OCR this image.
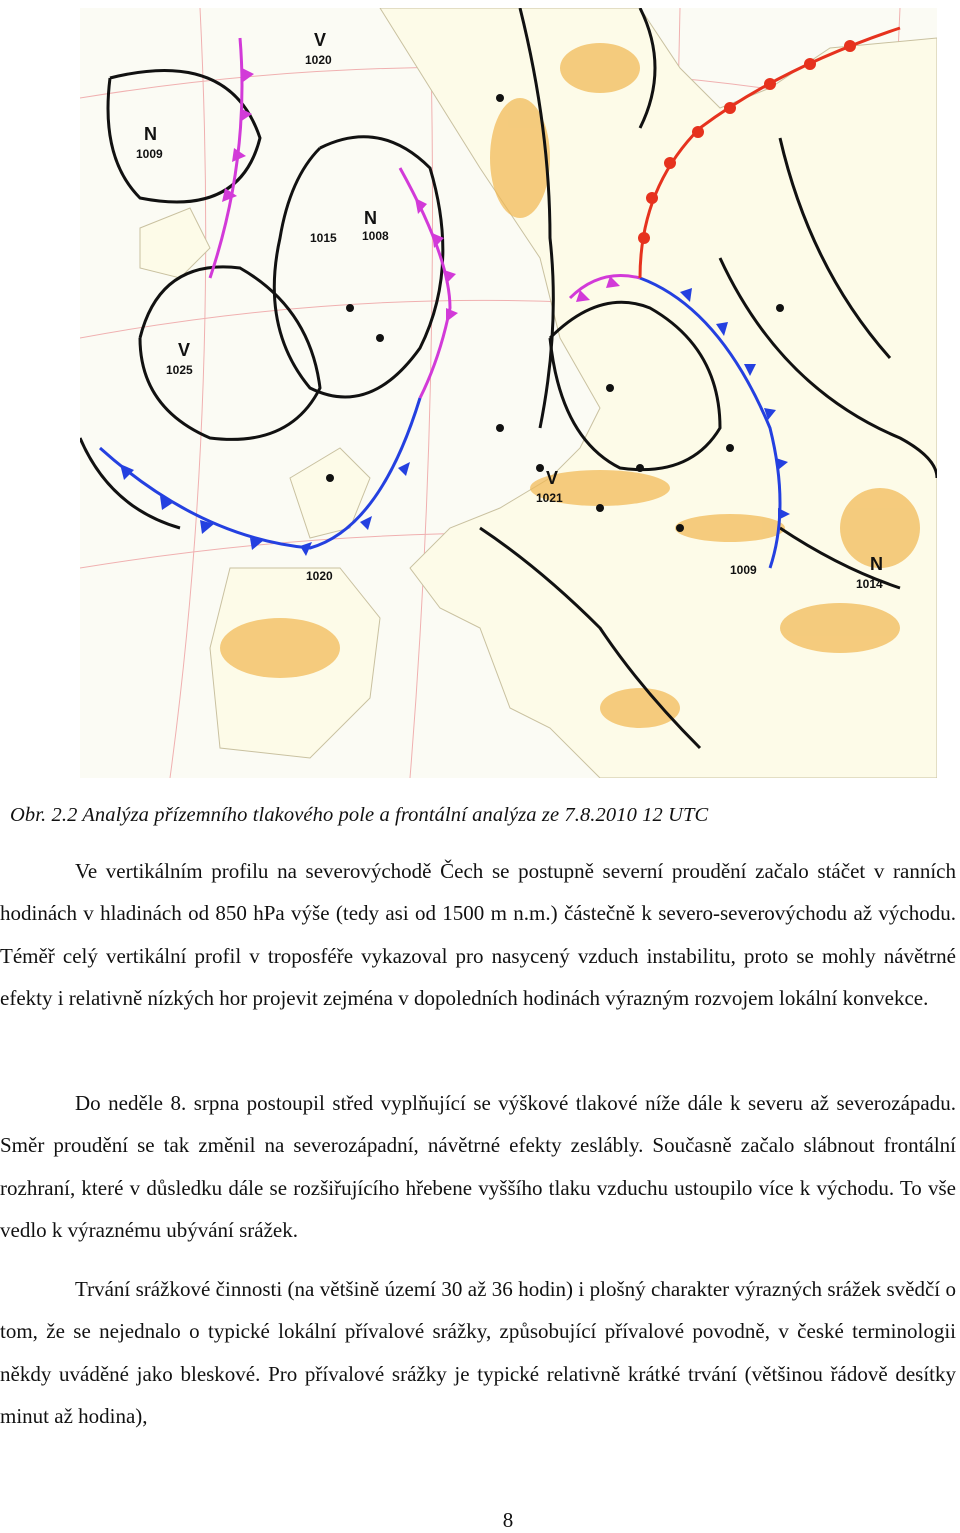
1020
1009
1008
1015
1025
1020
1021
1009
1014
N
N
V
V
V
N
Obr. 2.2 Analýza přízemního tlakového pole a frontální analýza ze 7.8.2010 12 UTC
Ve vertikálním profilu na severovýchodě Čech se postupně severní proudění začalo stáčet v ranních hodinách v hladinách od 850 hPa výše (tedy asi od 1500 m n.m.) částečně k severo-severovýchodu až východu. Téměř celý vertikální profil v troposféře vykazoval pro nasycený vzduch instabilitu, proto se mohly návětrné efekty i relativně nízkých hor projevit zejména v dopoledních hodinách výrazným rozvojem lokální konvekce.
Do neděle 8. srpna postoupil střed vyplňující se výškové tlakové níže dále k severu až severozápadu. Směr proudění se tak změnil na severozápadní, návětrné efekty zeslábly. Současně začalo slábnout frontální rozhraní, které v důsledku dále se rozšiřujícího hřebene vyššího tlaku vzduchu ustoupilo více k východu. To vše vedlo k výraznému ubývání srážek.
Trvání srážkové činnosti (na většině území 30 až 36 hodin) i plošný charakter výrazných srážek svědčí o tom, že se nejednalo o typické lokální přívalové srážky, způsobující přívalové povodně, v české terminologii někdy uváděné jako bleskové. Pro přívalové srážky je typické relativně krátké trvání (většinou řádově desítky minut až hodina),
8
